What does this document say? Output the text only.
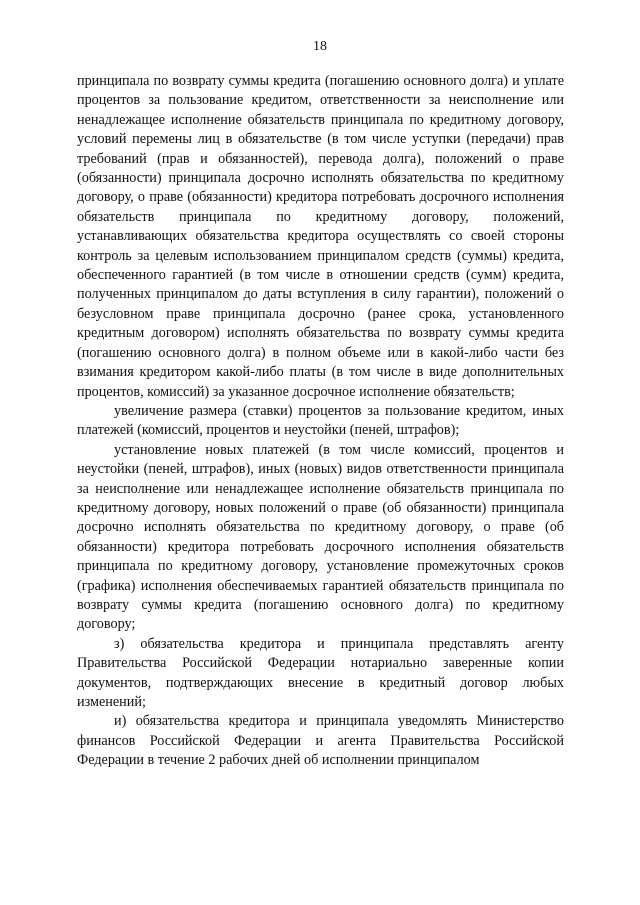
18

принципала по возврату суммы кредита (погашению основного долга) и уплате процентов за пользование кредитом, ответственности за неисполнение или ненадлежащее исполнение обязательств принципала по кредитному договору, условий перемены лиц в обязательстве (в том числе уступки (передачи) прав требований (прав и обязанностей), перевода долга), положений о праве (обязанности) принципала досрочно исполнять обязательства по кредитному договору, о праве (обязанности) кредитора потребовать досрочного исполнения обязательств принципала по кредитному договору, положений, устанавливающих обязательства кредитора осуществлять со своей стороны контроль за целевым использованием принципалом средств (суммы) кредита, обеспеченного гарантией (в том числе в отношении средств (сумм) кредита, полученных принципалом до даты вступления в силу гарантии), положений о безусловном праве принципала досрочно (ранее срока, установленного кредитным договором) исполнять обязательства по возврату суммы кредита (погашению основного долга) в полном объеме или в какой-либо части без взимания кредитором какой-либо платы (в том числе в виде дополнительных процентов, комиссий) за указанное досрочное исполнение обязательств;

увеличение размера (ставки) процентов за пользование кредитом, иных платежей (комиссий, процентов и неустойки (пеней, штрафов);

установление новых платежей (в том числе комиссий, процентов и неустойки (пеней, штрафов), иных (новых) видов ответственности принципала за неисполнение или ненадлежащее исполнение обязательств принципала по кредитному договору, новых положений о праве (об обязанности) принципала досрочно исполнять обязательства по кредитному договору, о праве (об обязанности) кредитора потребовать досрочного исполнения обязательств принципала по кредитному договору, установление промежуточных сроков (графика) исполнения обеспечиваемых гарантией обязательств принципала по возврату суммы кредита (погашению основного долга) по кредитному договору;

з) обязательства кредитора и принципала представлять агенту Правительства Российской Федерации нотариально заверенные копии документов, подтверждающих внесение в кредитный договор любых изменений;

и) обязательства кредитора и принципала уведомлять Министерство финансов Российской Федерации и агента Правительства Российской Федерации в течение 2 рабочих дней об исполнении принципалом
